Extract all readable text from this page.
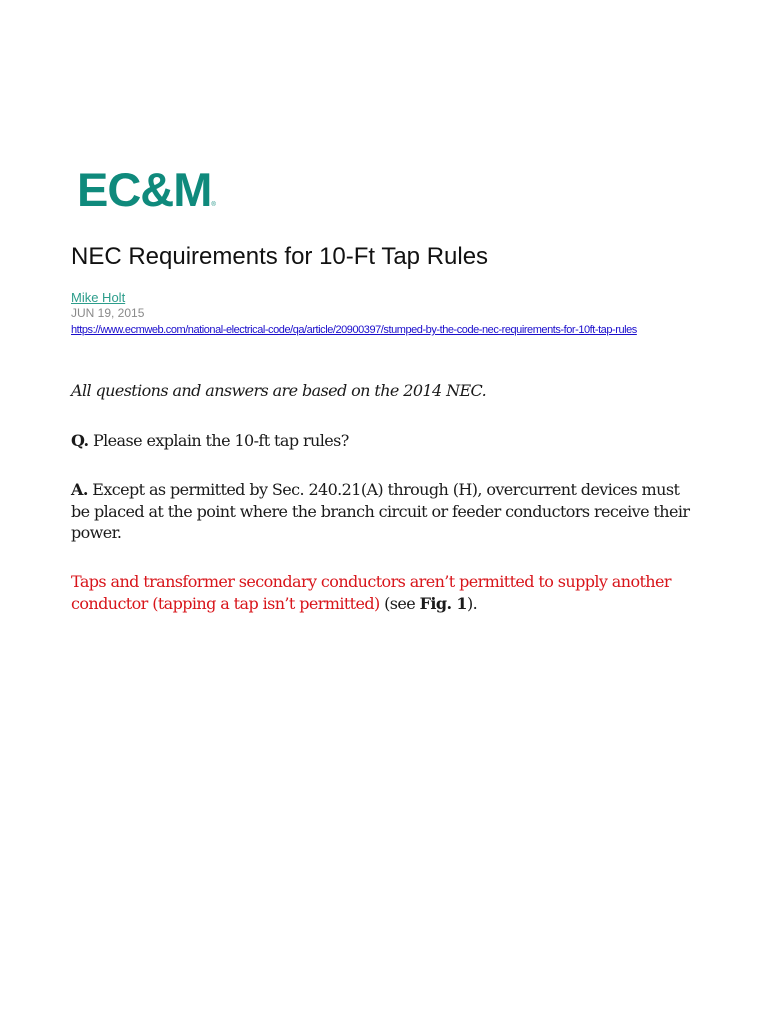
EC&M®
NEC Requirements for 10-Ft Tap Rules
Mike Holt
JUN 19, 2015
https://www.ecmweb.com/national-electrical-code/qa/article/20900397/stumped-by-the-code-nec-requirements-for-10ft-tap-rules

All questions and answers are based on the 2014 NEC.

Q. Please explain the 10-ft tap rules?

A. Except as permitted by Sec. 240.21(A) through (H), overcurrent devices must be placed at the point where the branch circuit or feeder conductors receive their power.

Taps and transformer secondary conductors aren’t permitted to supply another conductor (tapping a tap isn’t permitted) (see Fig. 1).
